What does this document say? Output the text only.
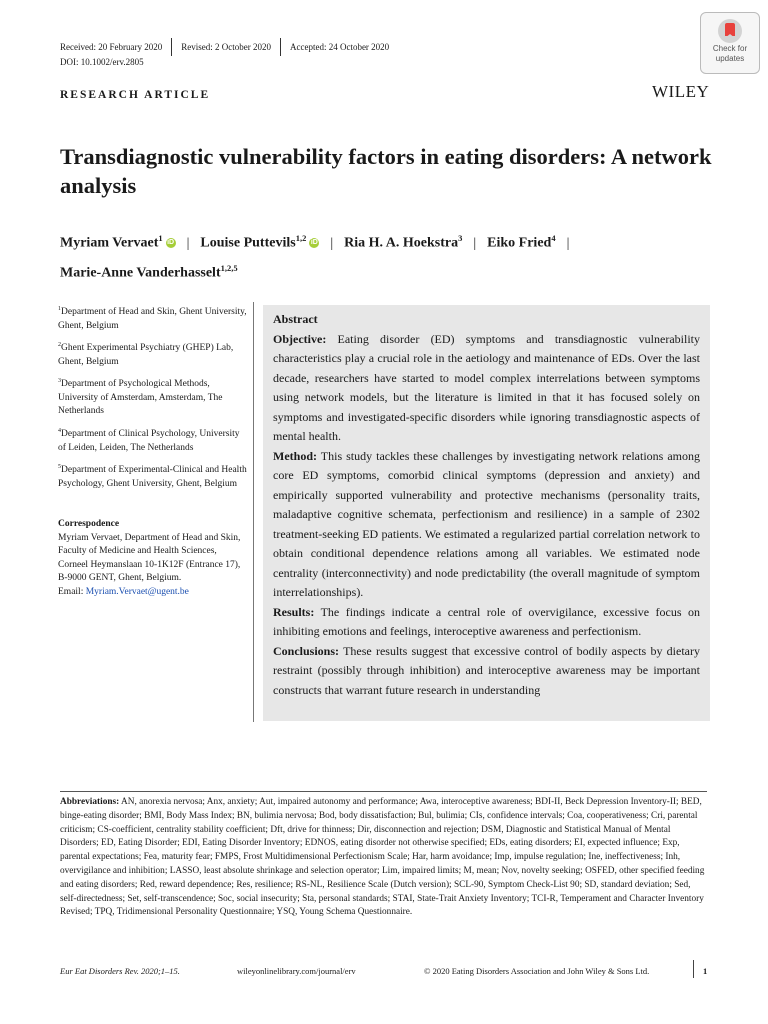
Received: 20 February 2020 Revised: 2 October 2020 Accepted: 24 October 2020
DOI: 10.1002/erv.2805
Check for
updates
RESEARCH ARTICLE	WILEY
Transdiagnostic vulnerability factors in eating disorders: A network analysis
Myriam Vervaet$^1$ iD | Louise Puttevils$^{1,2}$ iD | Ria H. A. Hoekstra$^3$ | Eiko Fried$^4$ |
Marie-Anne Vanderhasselt$^{1,2,5}$

$^1$Department of Head and Skin, Ghent University, Ghent, Belgium

$^2$Ghent Experimental Psychiatry (GHEP) Lab, Ghent, Belgium

$^3$Department of Psychological Methods, University of Amsterdam, Amsterdam, The Netherlands

$^4$Department of Clinical Psychology, University of Leiden, Leiden, The Netherlands

$^5$Department of Experimental-Clinical and Health Psychology, Ghent University, Ghent, Belgium

Correspodence
Myriam Vervaet, Department of Head and Skin, Faculty of Medicine and Health Sciences, Corneel Heymanslaan 10-1K12F (Entrance 17), B-9000 GENT, Ghent, Belgium.
Email: Myriam.Vervaet@ugent.be

Abstract

Objective: Eating disorder (ED) symptoms and transdiagnostic vulnerability characteristics play a crucial role in the aetiology and maintenance of EDs. Over the last decade, researchers have started to model complex interrelations between symptoms using network models, but the literature is limited in that it has focused solely on symptoms and investigated-specific disorders while ignoring transdiagnostic aspects of mental health.

Method: This study tackles these challenges by investigating network relations among core ED symptoms, comorbid clinical symptoms (depression and anxiety) and empirically supported vulnerability and protective mechanisms (personality traits, maladaptive cognitive schemata, perfectionism and resilience) in a sample of 2302 treatment-seeking ED patients. We estimated a regularized partial correlation network to obtain conditional dependence relations among all variables. We estimated node centrality (interconnectivity) and node predictability (the overall magnitude of symptom interrelationships).

Results: The findings indicate a central role of overvigilance, excessive focus on inhibiting emotions and feelings, interoceptive awareness and perfectionism.

Conclusions: These results suggest that excessive control of bodily aspects by dietary restraint (possibly through inhibition) and interoceptive awareness may be important constructs that warrant future research in understanding

Abbreviations: AN, anorexia nervosa; Anx, anxiety; Aut, impaired autonomy and performance; Awa, interoceptive awareness; BDI-II, Beck Depression Inventory-II; BED, binge-eating disorder; BMI, Body Mass Index; BN, bulimia nervosa; Bod, body dissatisfaction; Bul, bulimia; CIs, confidence intervals; Coa, cooperativeness; Cri, parental criticism; CS-coefficient, centrality stability coefficient; Dft, drive for thinness; Dir, disconnection and rejection; DSM, Diagnostic and Statistical Manual of Mental Disorders; ED, Eating Disorder; EDI, Eating Disorder Inventory; EDNOS, eating disorder not otherwise specified; EDs, eating disorders; EI, expected influence; Exp, parental expectations; Fea, maturity fear; FMPS, Frost Multidimensional Perfectionism Scale; Har, harm avoidance; Imp, impulse regulation; Ine, ineffectiveness; Inh, overvigilance and inhibition; LASSO, least absolute shrinkage and selection operator; Lim, impaired limits; M, mean; Nov, novelty seeking; OSFED, other specified feeding and eating disorders; Red, reward dependence; Res, resilience; RS-NL, Resilience Scale (Dutch version); SCL-90, Symptom Check-List 90; SD, standard deviation; Sed, self-directedness; Set, self-transcendence; Soc, social insecurity; Sta, personal standards; STAI, State-Trait Anxiety Inventory; TCI-R, Temperament and Character Inventory Revised; TPQ, Tridimensional Personality Questionnaire; YSQ, Young Schema Questionnaire.
Eur Eat Disorders Rev. 2020;1–15.	wileyonlinelibrary.com/journal/erv	© 2020 Eating Disorders Association and John Wiley & Sons Ltd.	1
